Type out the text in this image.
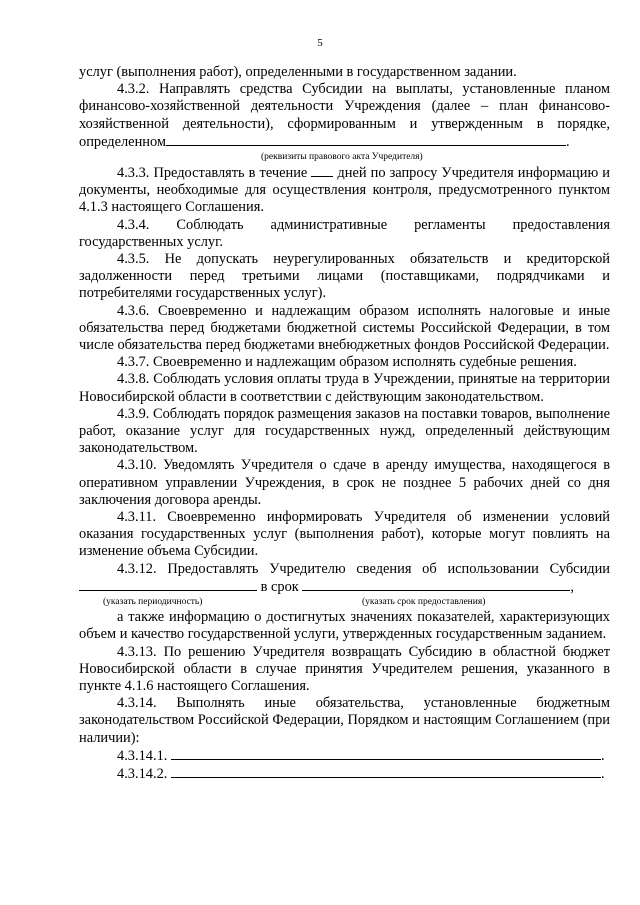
5

услуг (выполнения работ), определенными в государственном задании.

4.3.2. Направлять средства Субсидии на выплаты, установленные планом финансово-хозяйственной деятельности Учреждения (далее – план финансово-хозяйственной деятельности), сформированным и утвержденным в порядке, определенном	.

(реквизиты правового акта Учредителя)

4.3.3. Предоставлять в течение  дней по запросу Учредителя информацию и документы, необходимые для осуществления контроля, предусмотренного пунктом 4.1.3 настоящего Соглашения.

4.3.4. Соблюдать административные регламенты предоставления государственных услуг.

4.3.5. Не допускать неурегулированных обязательств и кредиторской задолженности перед третьими лицами (поставщиками, подрядчиками и потребителями государственных услуг).

4.3.6. Своевременно и надлежащим образом исполнять налоговые и иные обязательства перед бюджетами бюджетной системы Российской Федерации, в том числе обязательства перед бюджетами внебюджетных фондов Российской Федерации.

4.3.7. Своевременно и надлежащим образом исполнять судебные решения.

4.3.8. Соблюдать условия оплаты труда в Учреждении, принятые на территории Новосибирской области в соответствии с действующим законодательством.

4.3.9. Соблюдать порядок размещения заказов на поставки товаров, выполнение работ, оказание услуг для государственных нужд, определенный действующим законодательством.

4.3.10. Уведомлять Учредителя о сдаче в аренду имущества, находящегося в оперативном управлении Учреждения, в срок не позднее 5 рабочих дней со дня заключения договора аренды.

4.3.11. Своевременно информировать Учредителя об изменении условий оказания государственных услуг (выполнения работ), которые могут повлиять на изменение объема Субсидии.

4.3.12. Предоставлять Учредителю сведения об использовании Субсидии  в срок	,

(указать периодичность)	(указать срок предоставления)

а также информацию о достигнутых значениях показателей, характеризующих объем и качество государственной услуги, утвержденных государственным заданием.

4.3.13. По решению Учредителя возвращать Субсидию в областной бюджет Новосибирской области в случае принятия Учредителем решения, указанного в пункте 4.1.6 настоящего Соглашения.

4.3.14. Выполнять иные обязательства, установленные бюджетным законодательством Российской Федерации, Порядком и настоящим Соглашением (при наличии):

4.3.14.1.	.
4.3.14.2.	.
